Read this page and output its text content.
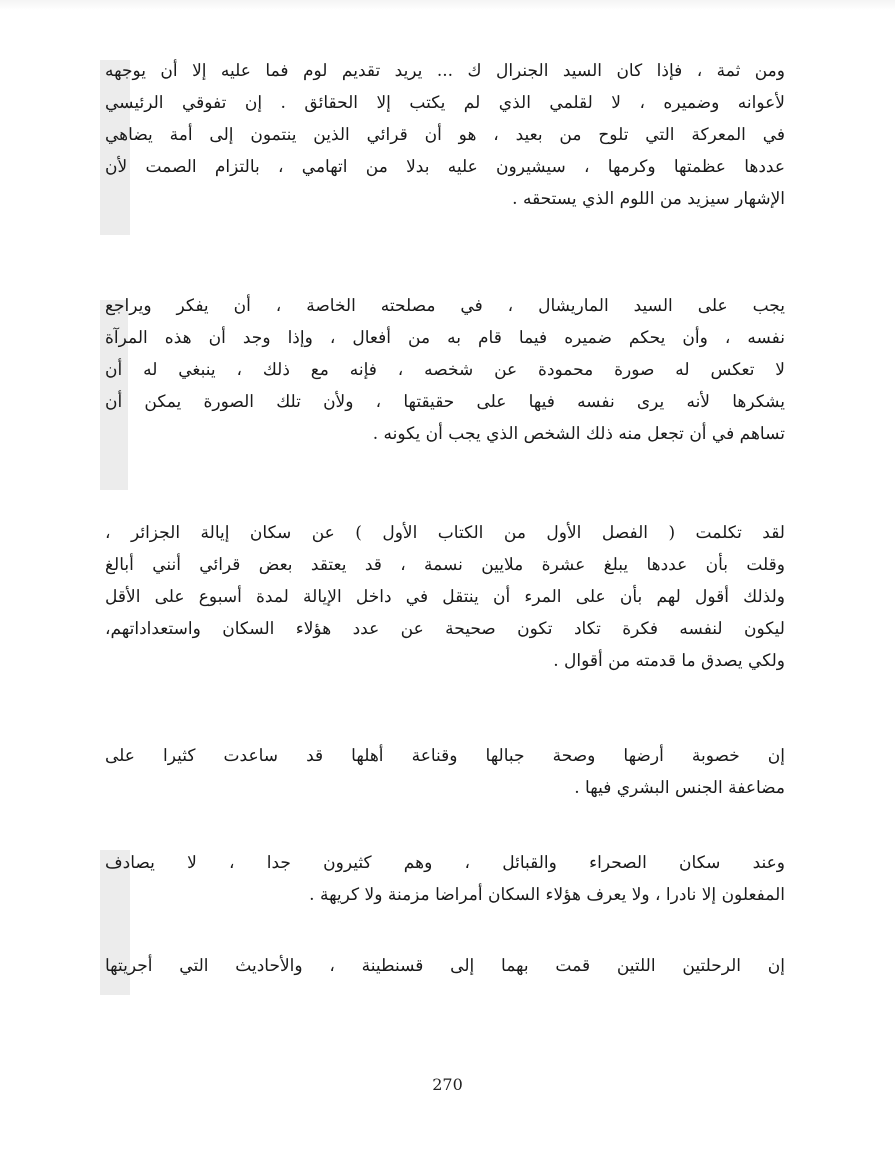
ومن ثمة ، فإذا كان السيد الجنرال ك ... يريد تقديم لوم فما عليه إلا أن يوجهه
لأعوانه وضميره ، لا لقلمي الذي لم يكتب إلا الحقائق . إن تفوقي الرئيسي
في المعركة التي تلوح من بعيد ، هو أن قرائي الذين ينتمون إلى أمة يضاهي
عددها عظمتها وكرمها ، سيشيرون عليه بدلا من اتهامي ، بالتزام الصمت لأن
الإشهار سيزيد من اللوم الذي يستحقه .
يجب على السيد الماريشال ، في مصلحته الخاصة ، أن يفكر ويراجع
نفسه ، وأن يحكم ضميره فيما قام به من أفعال ، وإذا وجد أن هذه المرآة
لا تعكس له صورة محمودة عن شخصه ، فإنه مع ذلك ، ينبغي له أن
يشكرها لأنه يرى نفسه فيها على حقيقتها ، ولأن تلك الصورة يمكن أن
تساهم في أن تجعل منه ذلك الشخص الذي يجب أن يكونه .
لقد تكلمت ( الفصل الأول من الكتاب الأول ) عن سكان إيالة الجزائر ،
وقلت بأن عددها يبلغ عشرة ملايين نسمة ، قد يعتقد بعض قرائي أنني أبالغ
ولذلك أقول لهم بأن على المرء أن ينتقل في داخل الإيالة لمدة أسبوع على الأقل
ليكون لنفسه فكرة تكاد تكون صحيحة عن عدد هؤلاء السكان واستعداداتهم،
ولكي يصدق ما قدمته من أقوال .
إن خصوبة أرضها وصحة جبالها وقناعة أهلها قد ساعدت كثيرا على
مضاعفة الجنس البشري فيها .
وعند سكان الصحراء والقبائل ، وهم كثيرون جدا ، لا يصادف
المفعلون إلا نادرا ، ولا يعرف هؤلاء السكان أمراضا مزمنة ولا كريهة .
إن الرحلتين اللتين قمت بهما إلى قسنطينة ، والأحاديث التي أجريتها
270
